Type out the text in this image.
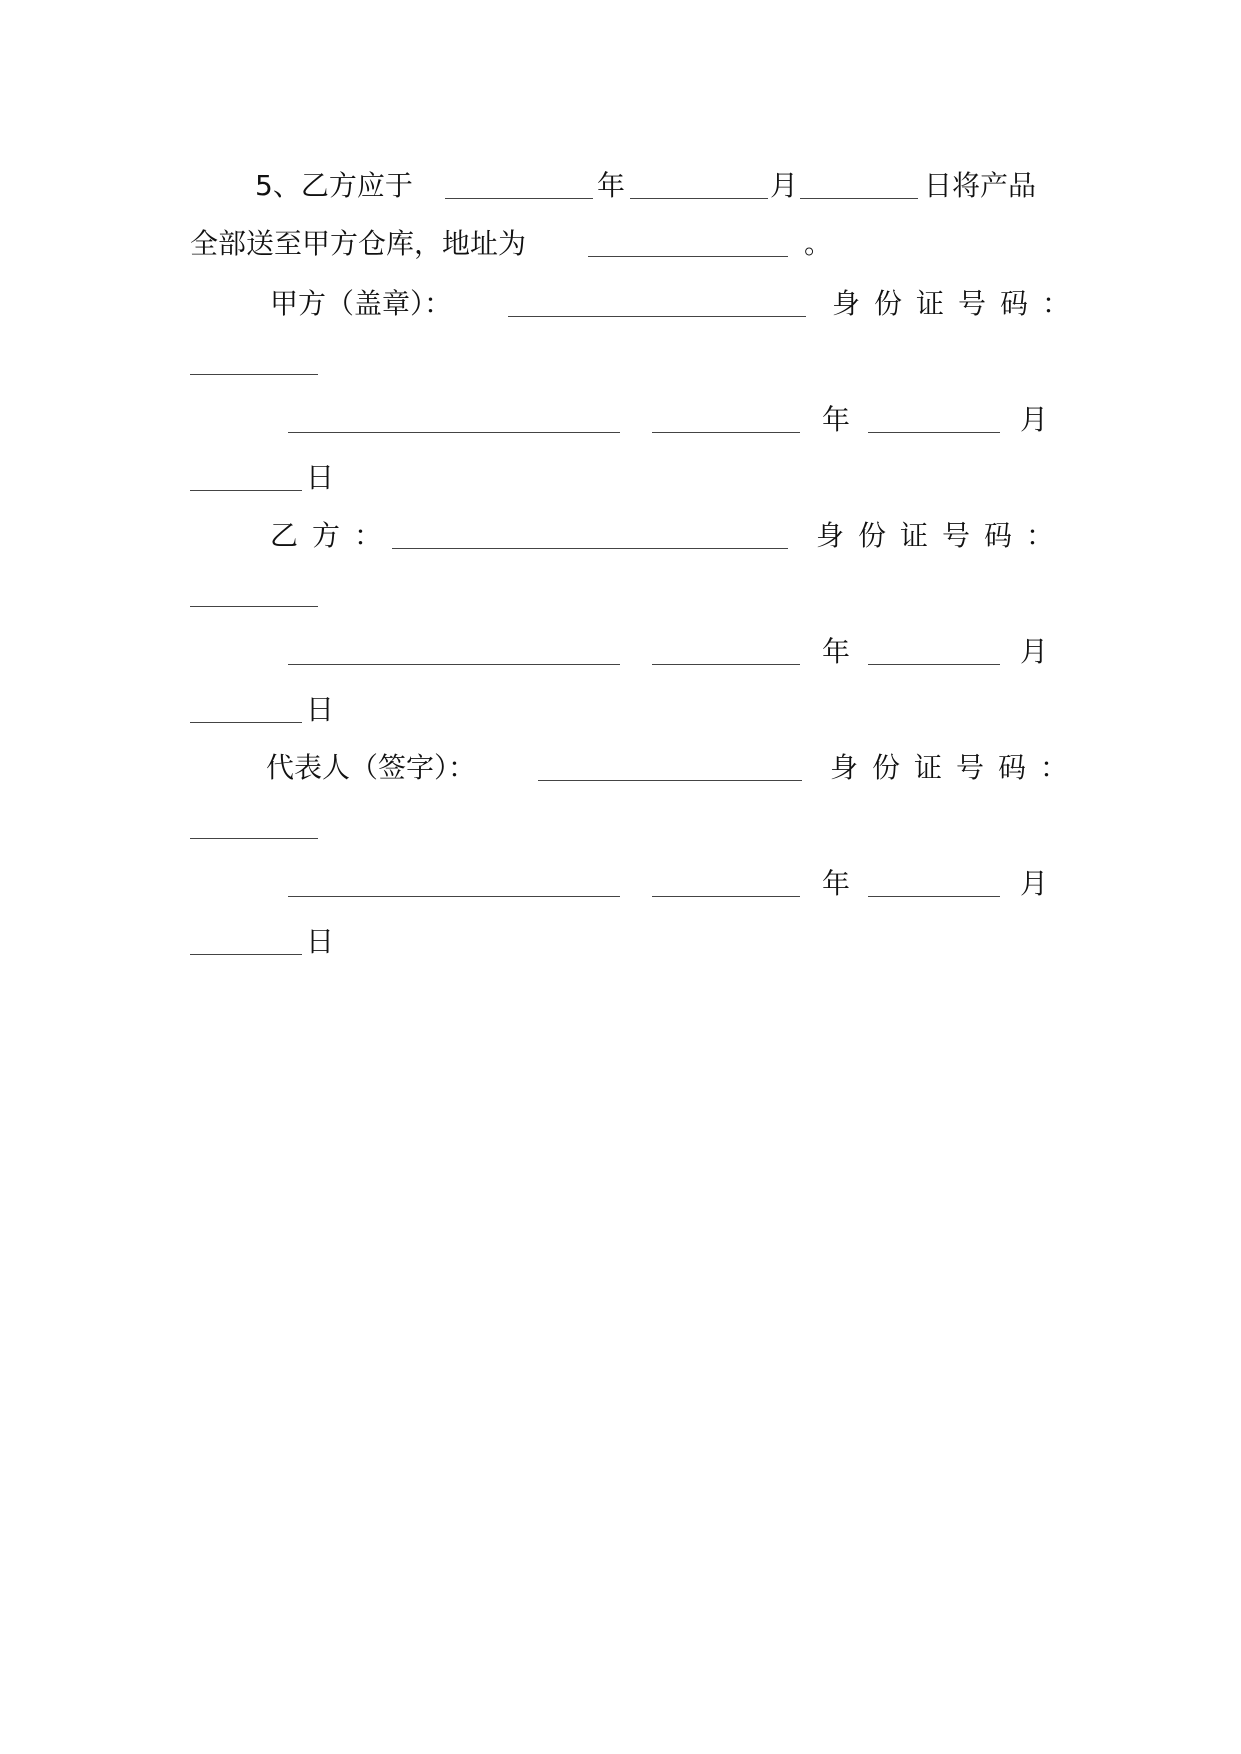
5、乙方应于	年	月	日将产品
全部送至甲方仓库，地址为	。
甲方（盖章）：	身份证号码：
年	月
日
乙方：	身份证号码：
年	月
日
代表人（签字）：	身份证号码：
年	月
日
